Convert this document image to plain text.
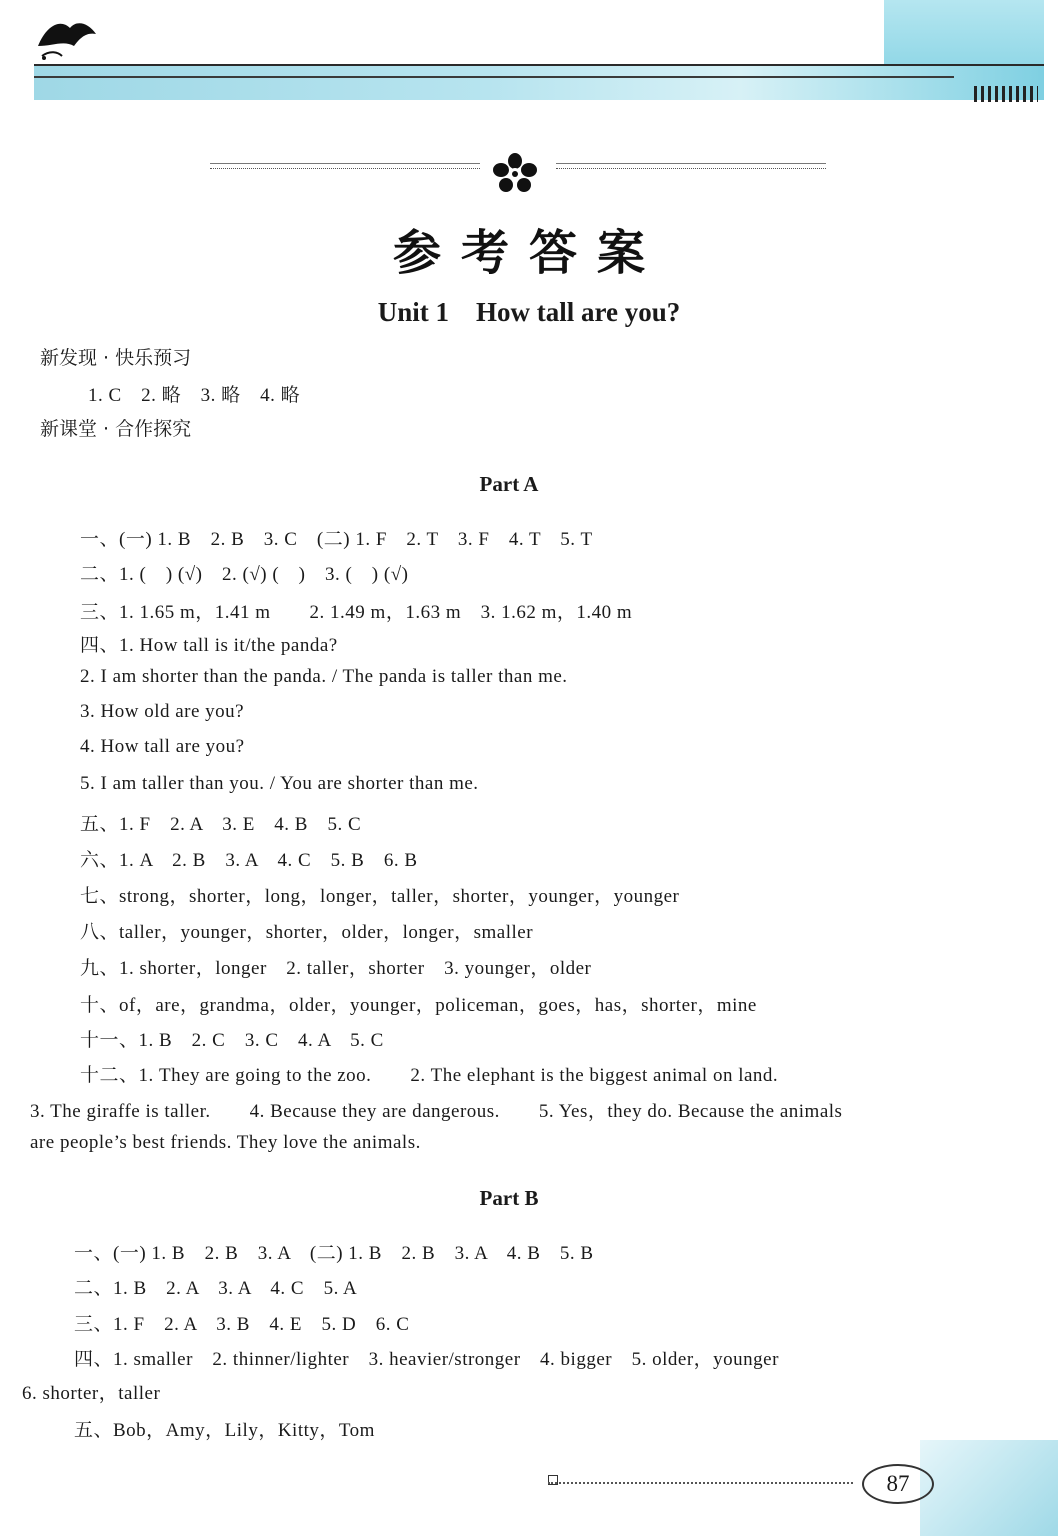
参考答案
Unit 1　How tall are you?
新发现 · 快乐预习
1. C　2. 略　3. 略　4. 略
新课堂 · 合作探究
Part A
一、(一) 1. B　2. B　3. C　(二) 1. F　2. T　3. F　4. T　5. T
二、1. (　) (√)　2. (√) (　)　3. (　) (√)
三、1. 1.65 m，1.41 m　　2. 1.49 m，1.63 m　3. 1.62 m，1.40 m
四、1. How tall is it/the panda?
2. I am shorter than the panda. / The panda is taller than me.
3. How old are you?
4. How tall are you?
5. I am taller than you. / You are shorter than me.
五、1. F　2. A　3. E　4. B　5. C
六、1. A　2. B　3. A　4. C　5. B　6. B
七、strong，shorter，long，longer，taller，shorter，younger，younger
八、taller，younger，shorter，older，longer，smaller
九、1. shorter，longer　2. taller，shorter　3. younger，older
十、of，are，grandma，older，younger，policeman，goes，has，shorter，mine
十一、1. B　2. C　3. C　4. A　5. C
十二、1. They are going to the zoo.　　2. The elephant is the biggest animal on land.
3. The giraffe is taller.　　4. Because they are dangerous.　　5. Yes，they do. Because the animals
are people’s best friends. They love the animals.
Part B
一、(一) 1. B　2. B　3. A　(二) 1. B　2. B　3. A　4. B　5. B
二、1. B　2. A　3. A　4. C　5. A
三、1. F　2. A　3. B　4. E　5. D　6. C
四、1. smaller　2. thinner/lighter　3. heavier/stronger　4. bigger　5. older，younger
6. shorter，taller
五、Bob，Amy，Lily，Kitty，Tom
87
